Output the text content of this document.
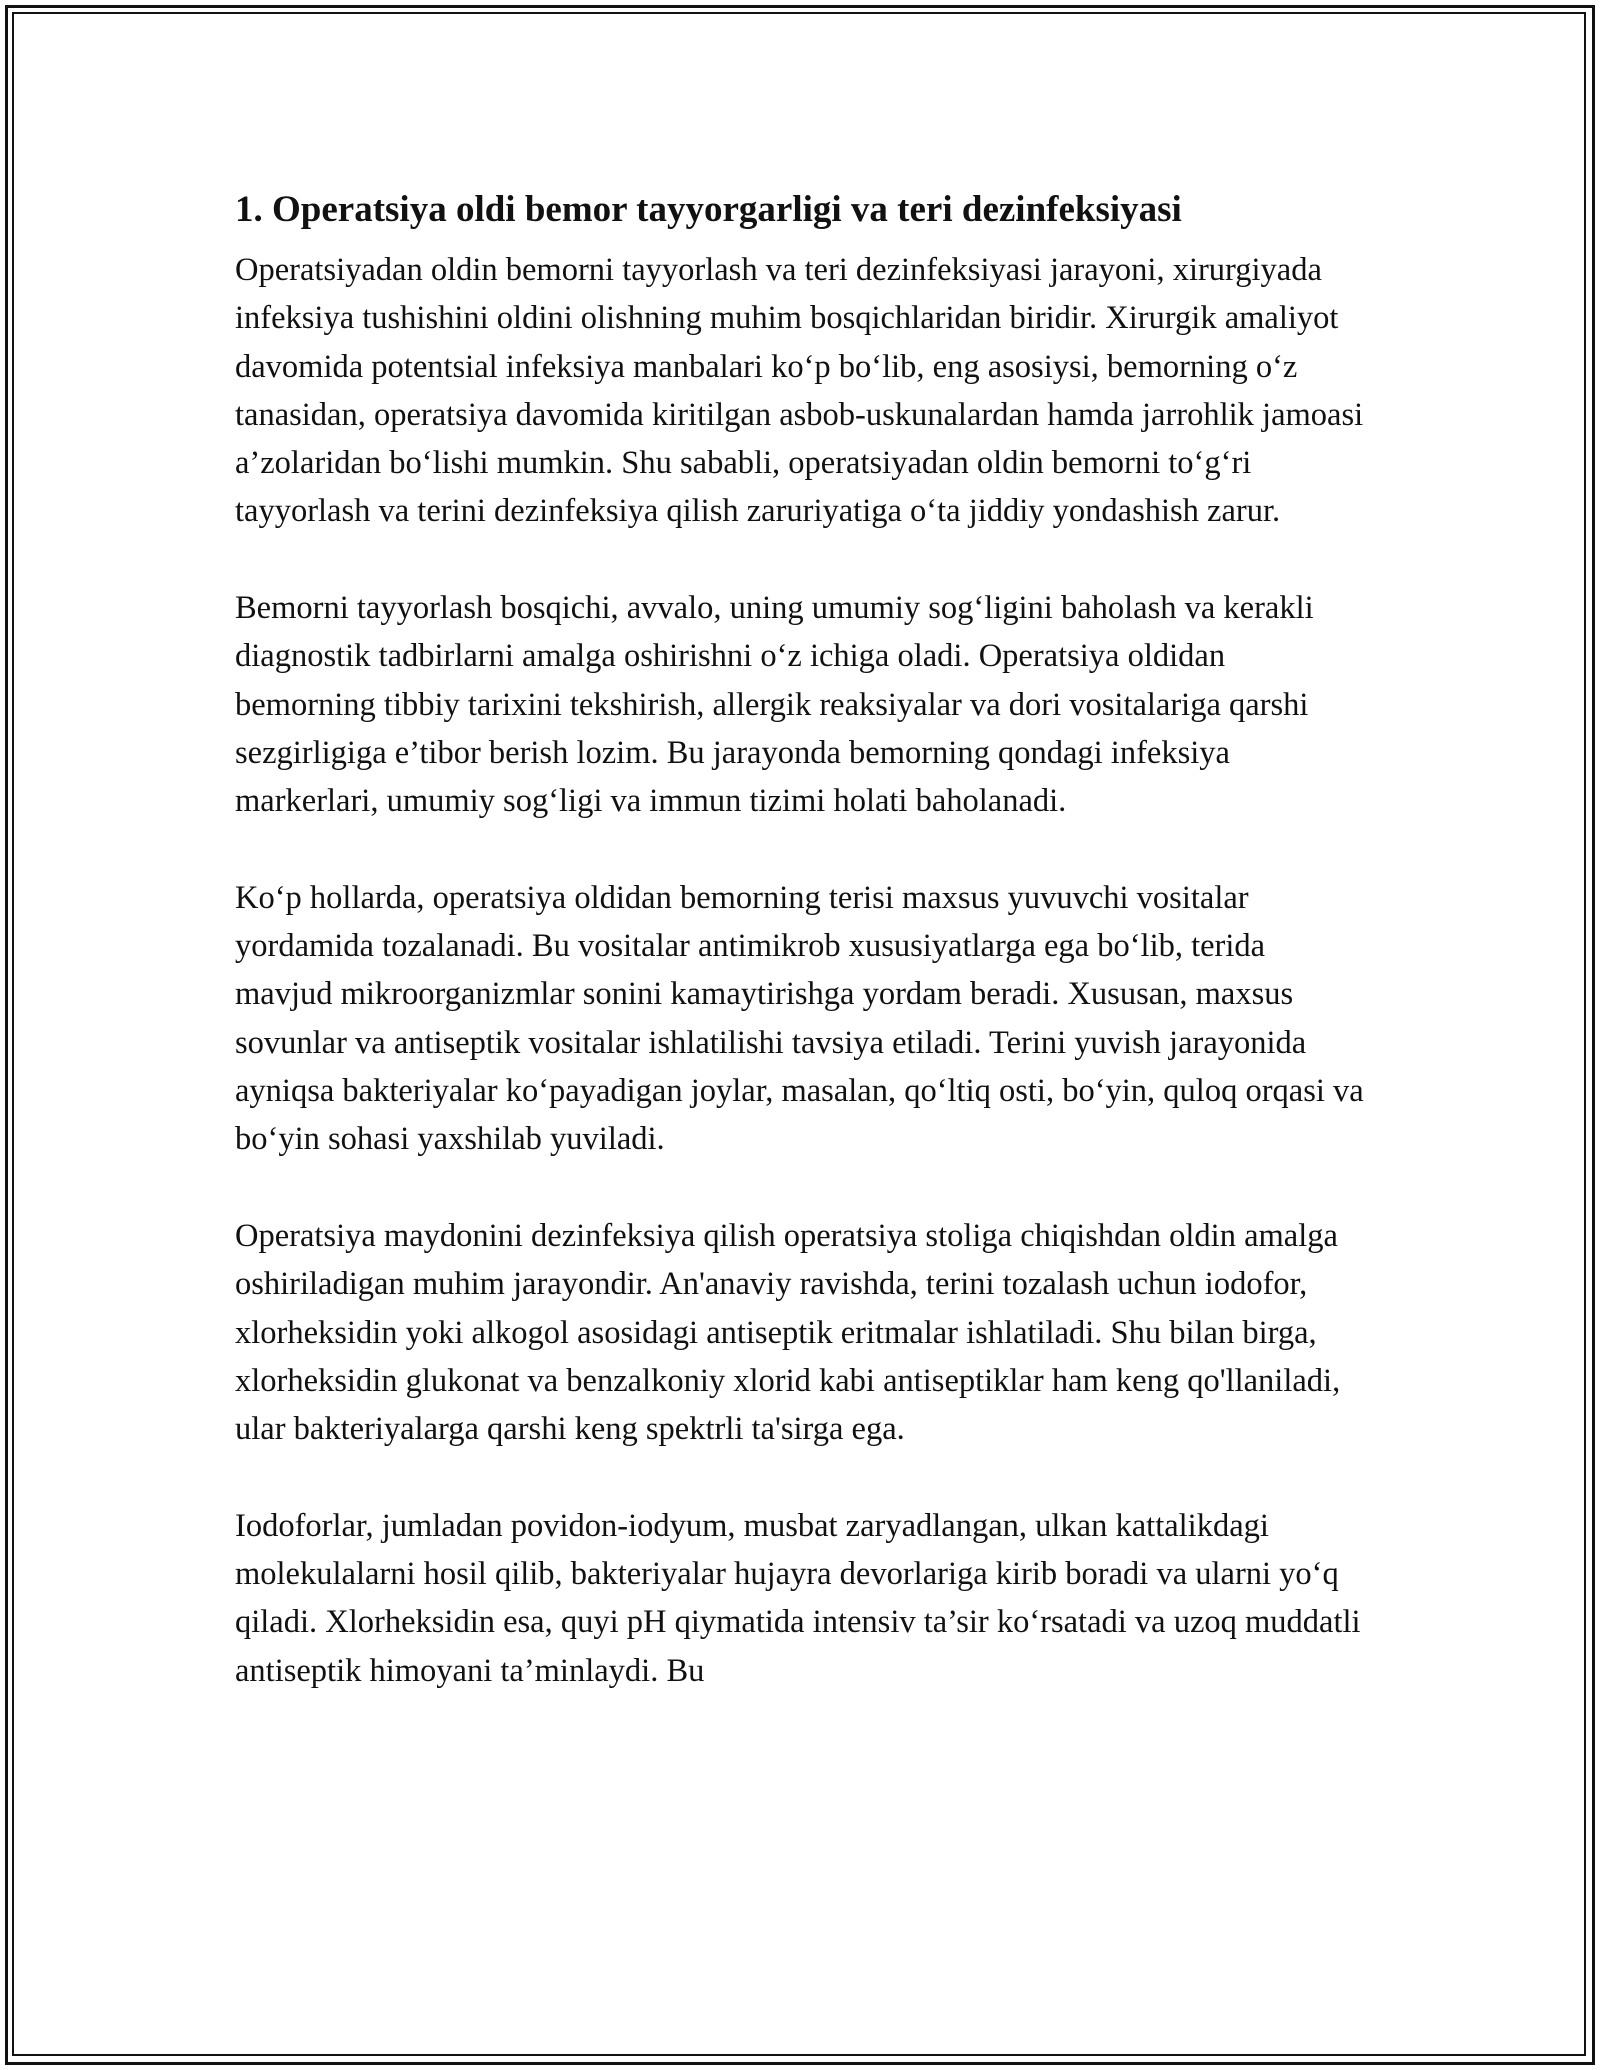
1. Operatsiya oldi bemor tayyorgarligi va teri dezinfeksiyasi

Operatsiyadan oldin bemorni tayyorlash va teri dezinfeksiyasi jarayoni, xirurgiyada infeksiya tushishini oldini olishning muhim bosqichlaridan biridir. Xirurgik amaliyot davomida potentsial infeksiya manbalari ko‘p bo‘lib, eng asosiysi, bemorning o‘z tanasidan, operatsiya davomida kiritilgan asbob-uskunalardan hamda jarrohlik jamoasi a’zolaridan bo‘lishi mumkin. Shu sababli, operatsiyadan oldin bemorni to‘g‘ri tayyorlash va terini dezinfeksiya qilish zaruriyatiga o‘ta jiddiy yondashish zarur.

Bemorni tayyorlash bosqichi, avvalo, uning umumiy sog‘ligini baholash va kerakli diagnostik tadbirlarni amalga oshirishni o‘z ichiga oladi. Operatsiya oldidan bemorning tibbiy tarixini tekshirish, allergik reaksiyalar va dori vositalariga qarshi sezgirligiga e’tibor berish lozim. Bu jarayonda bemorning qondagi infeksiya markerlari, umumiy sog‘ligi va immun tizimi holati baholanadi.

Ko‘p hollarda, operatsiya oldidan bemorning terisi maxsus yuvuvchi vositalar yordamida tozalanadi. Bu vositalar antimikrob xususiyatlarga ega bo‘lib, terida mavjud mikroorganizmlar sonini kamaytirishga yordam beradi. Xususan, maxsus sovunlar va antiseptik vositalar ishlatilishi tavsiya etiladi. Terini yuvish jarayonida ayniqsa bakteriyalar ko‘payadigan joylar, masalan, qo‘ltiq osti, bo‘yin, quloq orqasi va bo‘yin sohasi yaxshilab yuviladi.

Operatsiya maydonini dezinfeksiya qilish operatsiya stoliga chiqishdan oldin amalga oshiriladigan muhim jarayondir. An'anaviy ravishda, terini tozalash uchun iodofor, xlorheksidin yoki alkogol asosidagi antiseptik eritmalar ishlatiladi. Shu bilan birga, xlorheksidin glukonat va benzalkoniy xlorid kabi antiseptiklar ham keng qo'llaniladi, ular bakteriyalarga qarshi keng spektrli ta'sirga ega.

Iodoforlar, jumladan povidon-iodyum, musbat zaryadlangan, ulkan kattalikdagi molekulalarni hosil qilib, bakteriyalar hujayra devorlariga kirib boradi va ularni yo‘q qiladi. Xlorheksidin esa, quyi pH qiymatida intensiv ta’sir ko‘rsatadi va uzoq muddatli antiseptik himoyani ta’minlaydi. Bu
